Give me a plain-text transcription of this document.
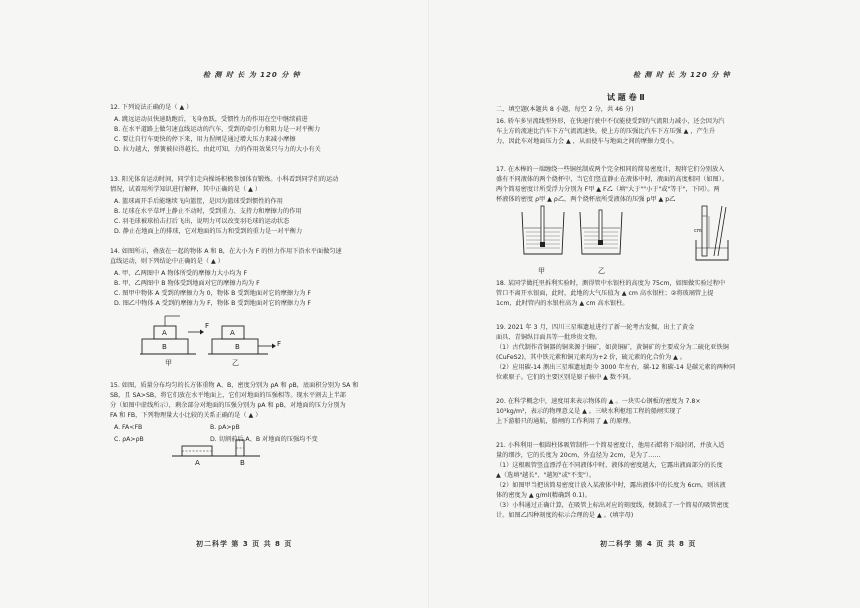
检 测 时 长 为 120 分 钟
12. 下列说法正确的是（ ▲ ）
A. 跳远运动员快速助跑后，飞身鱼跃，受惯性力的作用在空中继续前进
B. 在水平道路上做匀速直线运动的汽车，受到的牵引力和阻力是一对平衡力
C. 要让自行车更快的停下来，用力捏闸是通过增大压力来减小摩擦
D. 拉力越大，弹簧被拉得越长，由此可知，力的作用效果只与力的大小有关
13. 阳光体育运动时间，同学们走向操场积极参加体育锻炼。小科看到同学们的运动
情况，试着用所学知识进行解释，其中正确的是（ ▲ ）
A. 篮球离开手后能继续飞向篮筐，是因为篮球受到惯性的作用
B. 足球在水平草坪上静止不动时，受到重力、支持力和摩擦力的作用
C. 羽毛球被球拍击打后飞出，说明力可以改变羽毛球的运动状态
D. 静止在地面上的排球，它对地面的压力和受到的重力是一对平衡力
14. 如图所示，叠放在一起的物体 A 和 B，在大小为 F 的恒力作用下沿水平面做匀速
直线运动，则下列结论中正确的是（ ▲ ）
A. 甲、乙两图中 A 物体所受的摩擦力大小均为 F
B. 甲、乙两图中 B 物体受到地面对它的摩擦力均为 F
C. 图甲中物体 A 受到的摩擦力为 0，物体 B 受到地面对它的摩擦力为 F
D. 图乙中物体 A 受到的摩擦力为 F，物体 B 受到地面对它的摩擦力为 F
A
B
F
A
B	F
甲	乙
15. 如图，质量分布均匀的长方体重物 A、B，密度分别为 ρA 和 ρB，底面积分别为 SA 和
SB，且 SA>SB，将它们放在水平地面上，它们对地面的压强相等。现水平割去上半部
分（如图中虚线所示），剩余部分对地面的压强分别为 pA 和 pB，对地面的压力分别为
FA 和 FB，下列物理量大小比较的关系正确的是（ ▲ ）
A. FA<FB	B. pA>pB
C. ρA>ρB	D. 切割前后 A、B 对地面的压强均不变
A	B
初二科学 第 3 页 共 8 页
检 测 时 长 为 120 分 钟
试 题 卷 Ⅱ
二、填空题(本题共 8 小题，每空 2 分，共 46 分)
16. 轿车多呈流线型外形，在快速行驶中不仅能使受到的气流阻力减小，还会因为汽
车上方的流速比汽车下方气流流速快，使上方的压强比汽车下方压强 ▲ ，产生升
力，因此车对地面压力会 ▲ ，从而使车与地面之间的摩擦力变小。
17. 在木棒的一端缠绕一些铜丝制成两个完全相同的简易密度计，现将它们分别放入
盛有不同液体的两个烧杯中，当它们竖直静止在液体中时，液面的高度相同（如图）。
两个简易密度计所受浮力分别为 F甲 ▲ F乙（填"大于""小于"或"等于"，下同）。两
杯液体的密度 ρ甲 ▲ ρ乙，两个烧杯底所受液体的压强 p甲 ▲ p乙
甲	乙
cm
18. 某同学做托里拆利实验时，测得管中水银柱的高度为 75cm，如图做实验过程中
管口不离开水银面，此时，此地的大气压值为 ▲ cm 高水银柱；②将玻璃管上提
1cm，此时管内的水银柱高为 ▲ cm 高水银柱。
19. 2021 年 3 月，四川三星堆遗址进行了新一轮考古发掘，出土了黄金
面具、青铜纵目面具等一批珍贵文物。
（1）古代制作青铜器的铜来源于铜矿，如黄铜矿，黄铜矿的主要成分为二硫化亚铁铜
(CuFeS2)，其中铁元素和铜元素均为+2 价，硫元素的化合价为 ▲ 。
（2）应用碳-14 测出三星堆遗址距今 3000 年左右，碳-12 和碳-14 是碳元素的两种同
位素原子。它们的主要区别是原子核中 ▲ 数不同。
20. 在科学概念中，速度用来表示物体的 ▲ 。一块实心钢板的密度为 7.8×
10³kg/m³，表示的物理意义是 ▲ 。三峡水利枢纽工程的船闸实现了
上下游船只的通航，船闸的工作利用了 ▲ 的原理。
21. 小科利用一根圆柱体吸管制作一个简易密度计，他用石蜡将下端封闭，并放入适
量的细沙，它的长度为 20cm，外直径为 2cm，是为了……
（1）这根吸管竖直漂浮在不同液体中时，液体的密度越大，它露出液面部分的长度
▲（选填"越长"、"越短"或"不变"）。
（2）如图甲当把该简易密度计放入某液体中时，露出液体中的长度为 6cm，则该液
体的密度为 ▲ g/ml(精确到 0.1)。
（3）小科通过正确计算，在吸管上标出对应的刻度线，便制成了一个简易的吸管密度
计。如图乙四种刻度的标示合理的是 ▲ 。(填字母)
初二科学 第 4 页 共 8 页
